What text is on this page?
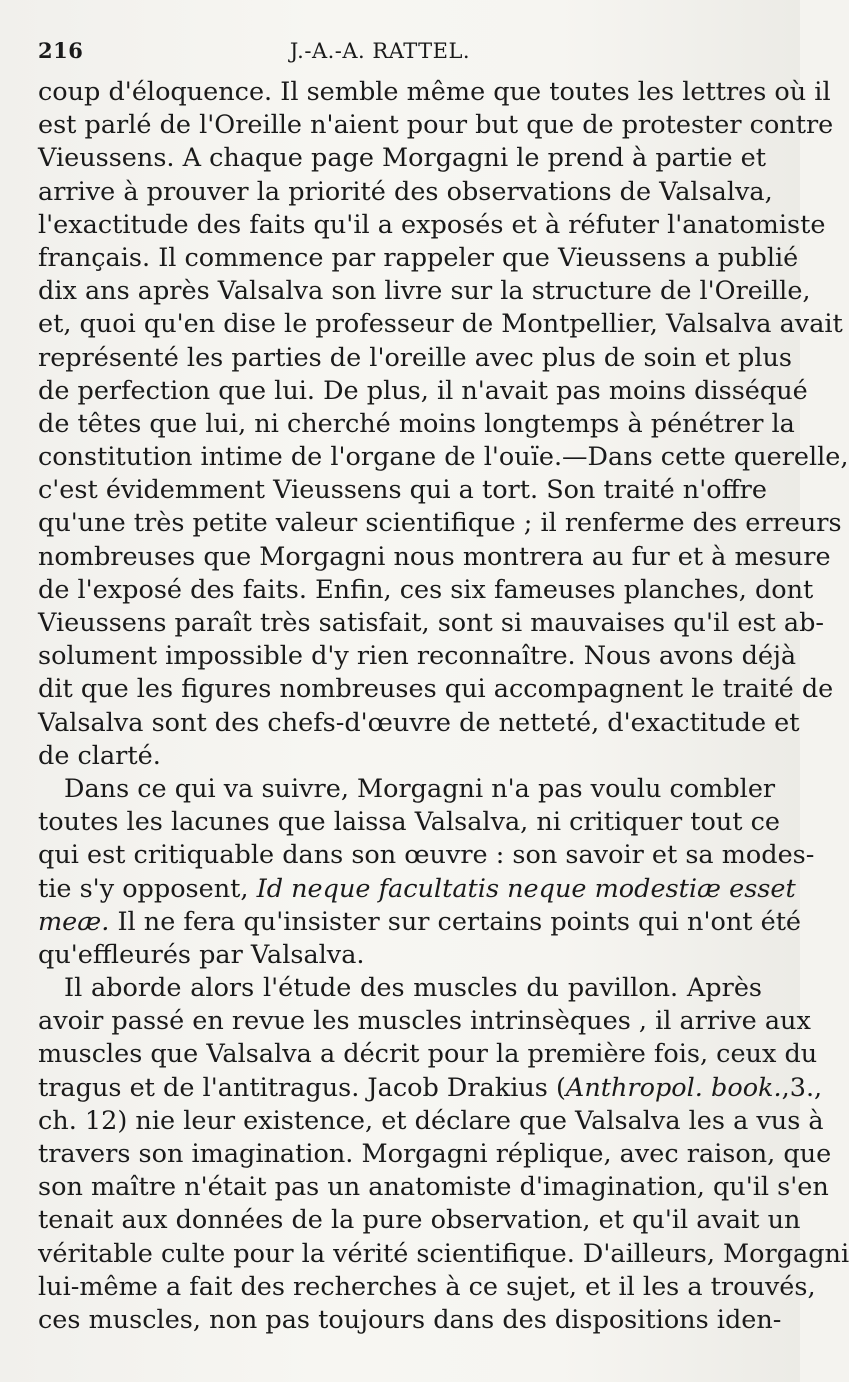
216	J.-A.-A. RATTEL.
coup d'éloquence. Il semble même que toutes les lettres où il
est parlé de l'Oreille n'aient pour but que de protester contre
Vieussens. A chaque page Morgagni le prend à partie et
arrive à prouver la priorité des observations de Valsalva,
l'exactitude des faits qu'il a exposés et à réfuter l'anatomiste
français. Il commence par rappeler que Vieussens a publié
dix ans après Valsalva son livre sur la structure de l'Oreille,
et, quoi qu'en dise le professeur de Montpellier, Valsalva avait
représenté les parties de l'oreille avec plus de soin et plus
de perfection que lui. De plus, il n'avait pas moins disséqué
de têtes que lui, ni cherché moins longtemps à pénétrer la
constitution intime de l'organe de l'ouïe.—Dans cette querelle,
c'est évidemment Vieussens qui a tort. Son traité n'offre
qu'une très petite valeur scientifique ; il renferme des erreurs
nombreuses que Morgagni nous montrera au fur et à mesure
de l'exposé des faits. Enfin, ces six fameuses planches, dont
Vieussens paraît très satisfait, sont si mauvaises qu'il est ab-
solument impossible d'y rien reconnaître. Nous avons déjà
dit que les figures nombreuses qui accompagnent le traité de
Valsalva sont des chefs-d'œuvre de netteté, d'exactitude et
de clarté.
Dans ce qui va suivre, Morgagni n'a pas voulu combler
toutes les lacunes que laissa Valsalva, ni critiquer tout ce
qui est critiquable dans son œuvre : son savoir et sa modes-
tie s'y opposent, Id neque facultatis neque modestiæ esset
meæ. Il ne fera qu'insister sur certains points qui n'ont été
qu'effleurés par Valsalva.
Il aborde alors l'étude des muscles du pavillon. Après
avoir passé en revue les muscles intrinsèques , il arrive aux
muscles que Valsalva a décrit pour la première fois, ceux du
tragus et de l'antitragus. Jacob Drakius (Anthropol. book.,3.,
ch. 12) nie leur existence, et déclare que Valsalva les a vus à
travers son imagination. Morgagni réplique, avec raison, que
son maître n'était pas un anatomiste d'imagination, qu'il s'en
tenait aux données de la pure observation, et qu'il avait un
véritable culte pour la vérité scientifique. D'ailleurs, Morgagni
lui-même a fait des recherches à ce sujet, et il les a trouvés,
ces muscles, non pas toujours dans des dispositions iden-
